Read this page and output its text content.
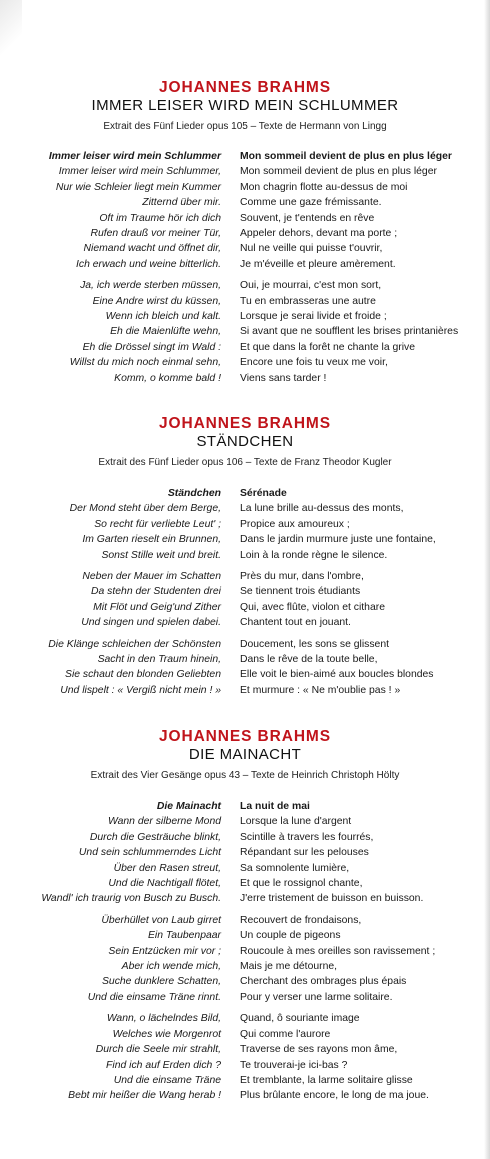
JOHANNES BRAHMS

IMMER LEISER WIRD MEIN SCHLUMMER

Extrait des Fünf Lieder opus 105 – Texte de Hermann von Lingg

Immer leiser wird mein Schlummer
Immer leiser wird mein Schlummer,
Nur wie Schleier liegt mein Kummer
Zitternd über mir.
Oft im Traume hör ich dich
Rufen drauß vor meiner Tür,
Niemand wacht und öffnet dir,
Ich erwach und weine bitterlich.
Ja, ich werde sterben müssen,
Eine Andre wirst du küssen,
Wenn ich bleich und kalt.
Eh die Maienlüfte wehn,
Eh die Drössel singt im Wald :
Willst du mich noch einmal sehn,
Komm, o komme bald !
Mon sommeil devient de plus en plus léger
Mon sommeil devient de plus en plus léger
Mon chagrin flotte au-dessus de moi
Comme une gaze frémissante.
Souvent, je t'entends en rêve
Appeler dehors, devant ma porte ;
Nul ne veille qui puisse t'ouvrir,
Je m'éveille et pleure amèrement.
Oui, je mourrai, c'est mon sort,
Tu en embrasseras une autre
Lorsque je serai livide et froide ;
Si avant que ne soufflent les brises printanières
Et que dans la forêt ne chante la grive
Encore une fois tu veux me voir,
Viens sans tarder !

JOHANNES BRAHMS

STÄNDCHEN

Extrait des Fünf Lieder opus 106 – Texte de Franz Theodor Kugler

Ständchen
Der Mond steht über dem Berge,
So recht für verliebte Leut' ;
Im Garten rieselt ein Brunnen,
Sonst Stille weit und breit.
Neben der Mauer im Schatten
Da stehn der Studenten drei
Mit Flöt und Geig'und Zither
Und singen und spielen dabei.
Die Klänge schleichen der Schönsten
Sacht in den Traum hinein,
Sie schaut den blonden Geliebten
Und lispelt : « Vergiß nicht mein ! »
Sérénade
La lune brille au-dessus des monts,
Propice aux amoureux ;
Dans le jardin murmure juste une fontaine,
Loin à la ronde règne le silence.
Près du mur, dans l'ombre,
Se tiennent trois étudiants
Qui, avec flûte, violon et cithare
Chantent tout en jouant.
Doucement, les sons se glissent
Dans le rêve de la toute belle,
Elle voit le bien-aimé aux boucles blondes
Et murmure : « Ne m'oublie pas ! »

JOHANNES BRAHMS

DIE MAINACHT

Extrait des Vier Gesänge opus 43 – Texte de Heinrich Christoph Hölty

Die Mainacht
Wann der silberne Mond
Durch die Gesträuche blinkt,
Und sein schlummerndes Licht
Über den Rasen streut,
Und die Nachtigall flötet,
Wandl' ich traurig von Busch zu Busch.
Überhüllet von Laub girret
Ein Taubenpaar
Sein Entzücken mir vor ;
Aber ich wende mich,
Suche dunklere Schatten,
Und die einsame Träne rinnt.
Wann, o lächelndes Bild,
Welches wie Morgenrot
Durch die Seele mir strahlt,
Find ich auf Erden dich ?
Und die einsame Träne
Bebt mir heißer die Wang herab !
La nuit de mai
Lorsque la lune d'argent
Scintille à travers les fourrés,
Répandant sur les pelouses
Sa somnolente lumière,
Et que le rossignol chante,
J'erre tristement de buisson en buisson.
Recouvert de frondaisons,
Un couple de pigeons
Roucoule à mes oreilles son ravissement ;
Mais je me détourne,
Cherchant des ombrages plus épais
Pour y verser une larme solitaire.
Quand, ô souriante image
Qui comme l'aurore
Traverse de ses rayons mon âme,
Te trouverai-je ici-bas ?
Et tremblante, la larme solitaire glisse
Plus brûlante encore, le long de ma joue.
